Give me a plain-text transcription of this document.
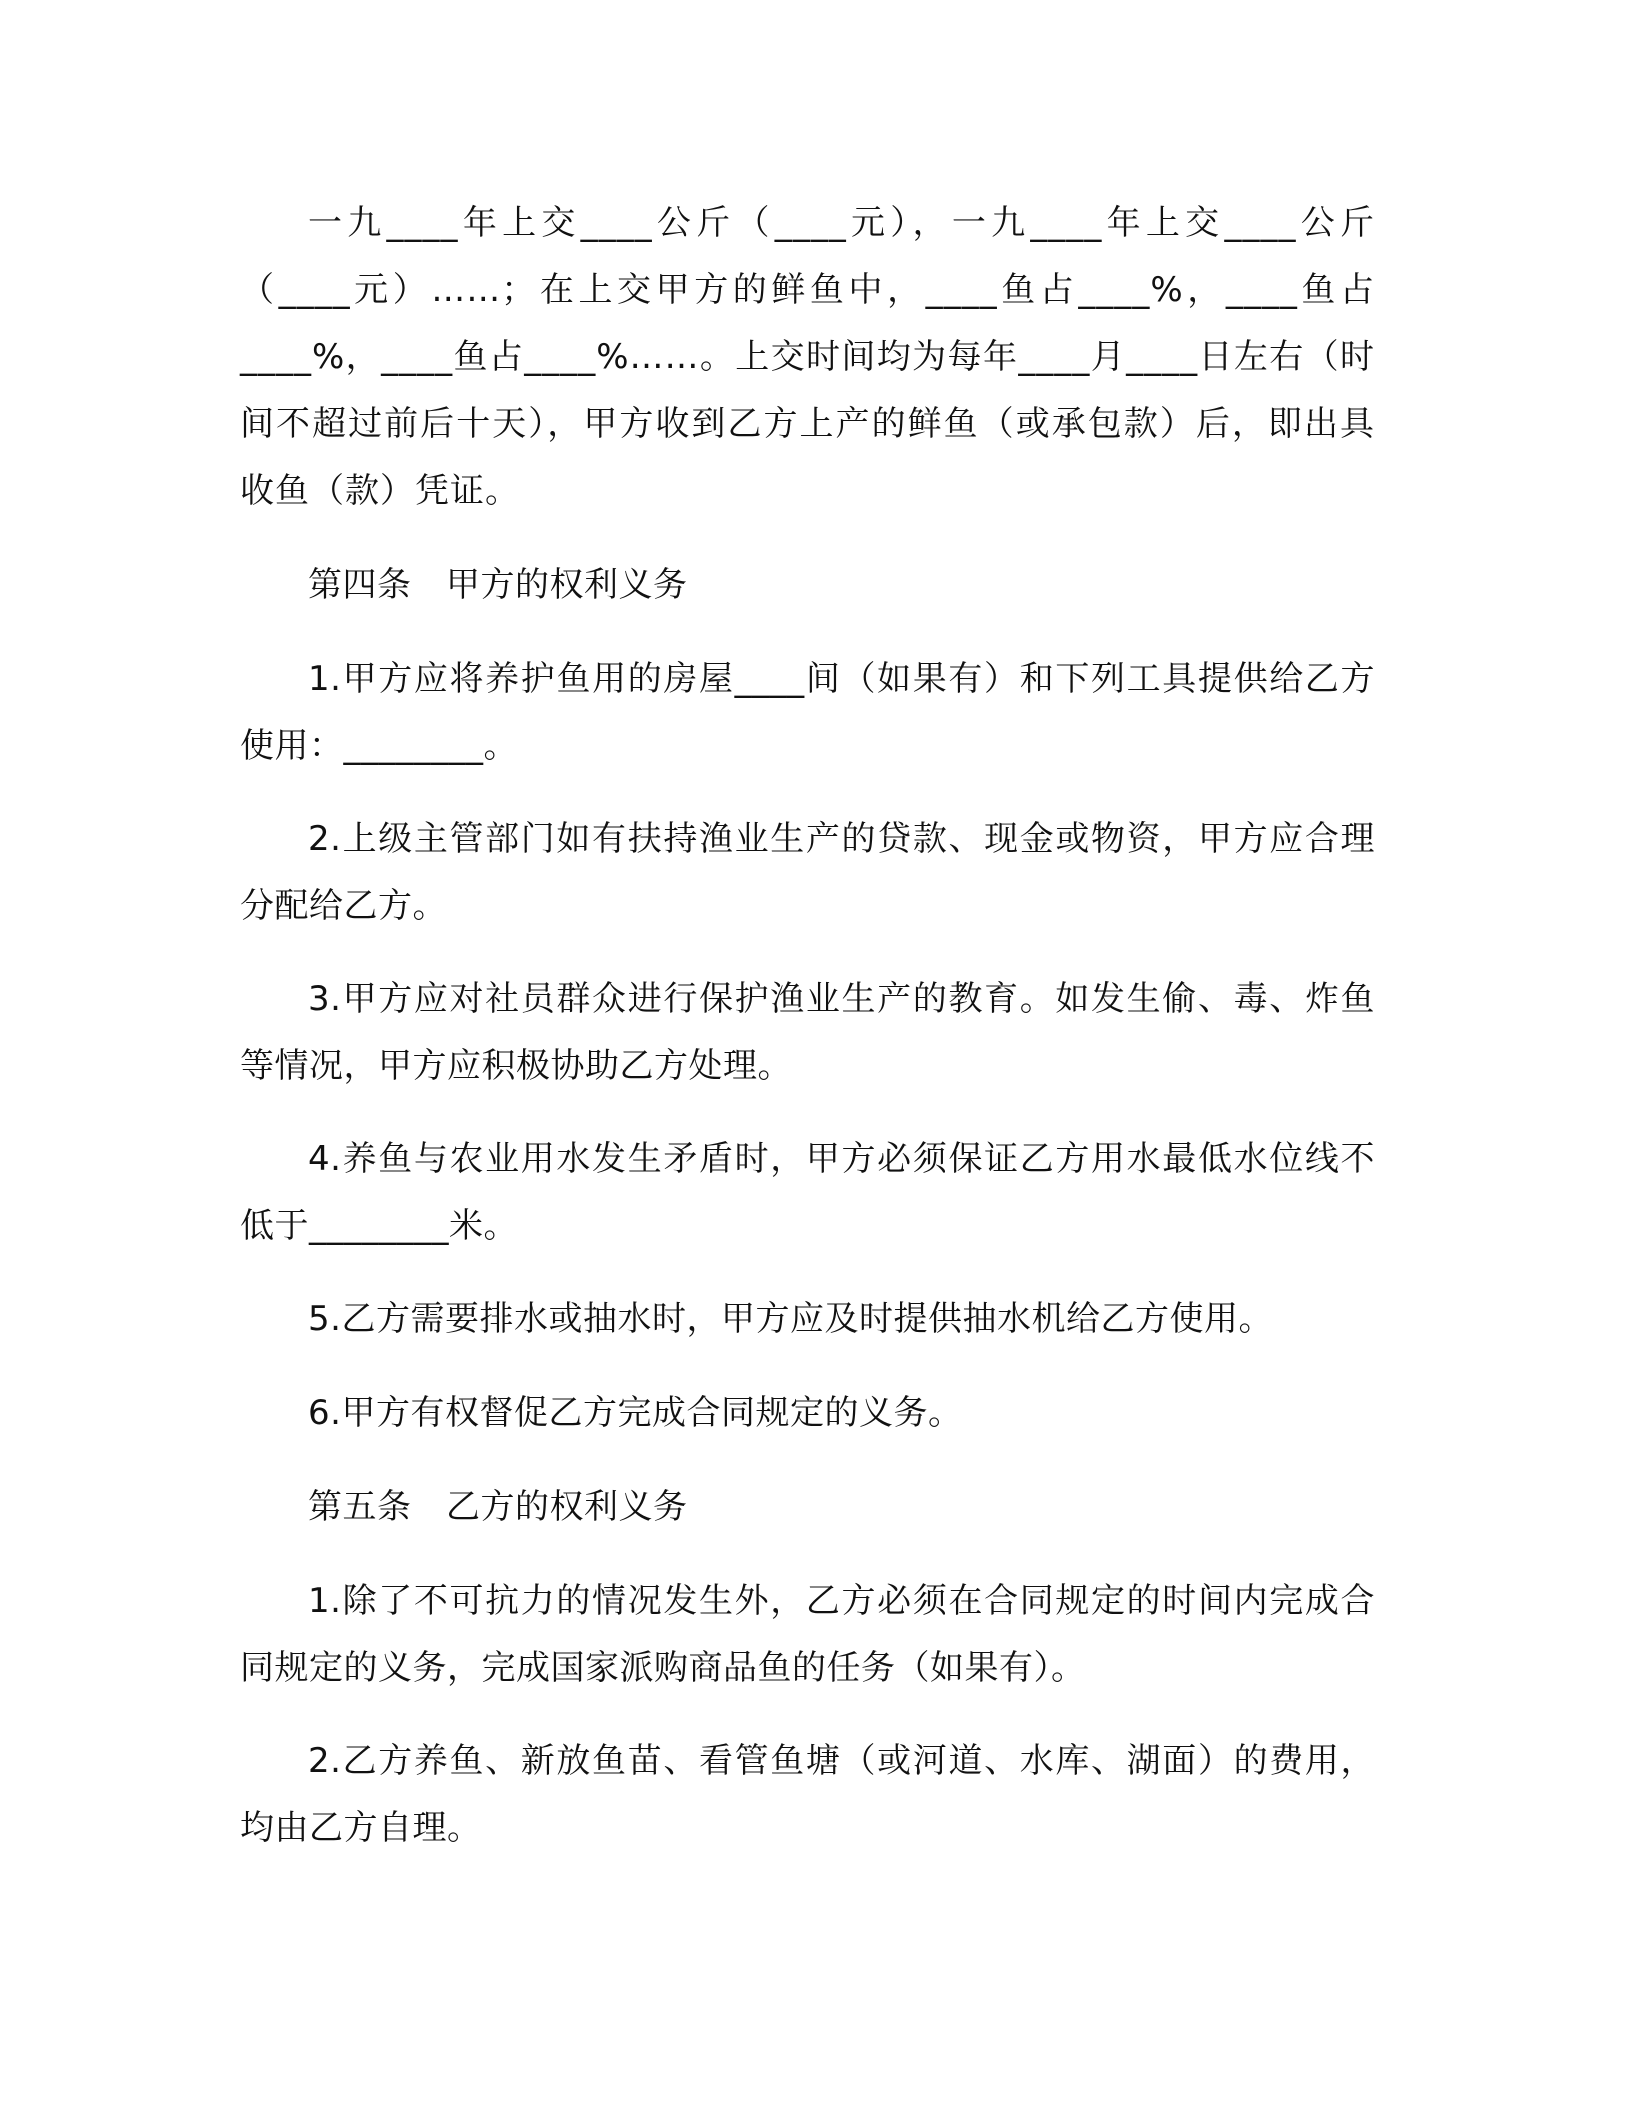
一九____年上交____公斤（____元），一九____年上交____公斤（____元）……；在上交甲方的鲜鱼中，____鱼占____%，____鱼占____%，____鱼占____%……。上交时间均为每年____月____日左右（时间不超过前后十天），甲方收到乙方上产的鲜鱼（或承包款）后，即出具收鱼（款）凭证。

第四条　甲方的权利义务

1.甲方应将养护鱼用的房屋____间（如果有）和下列工具提供给乙方使用：________。

2.上级主管部门如有扶持渔业生产的贷款、现金或物资，甲方应合理分配给乙方。

3.甲方应对社员群众进行保护渔业生产的教育。如发生偷、毒、炸鱼等情况，甲方应积极协助乙方处理。

4.养鱼与农业用水发生矛盾时，甲方必须保证乙方用水最低水位线不低于________米。

5.乙方需要排水或抽水时，甲方应及时提供抽水机给乙方使用。

6.甲方有权督促乙方完成合同规定的义务。

第五条　乙方的权利义务

1.除了不可抗力的情况发生外，乙方必须在合同规定的时间内完成合同规定的义务，完成国家派购商品鱼的任务（如果有）。

2.乙方养鱼、新放鱼苗、看管鱼塘（或河道、水库、湖面）的费用，均由乙方自理。
